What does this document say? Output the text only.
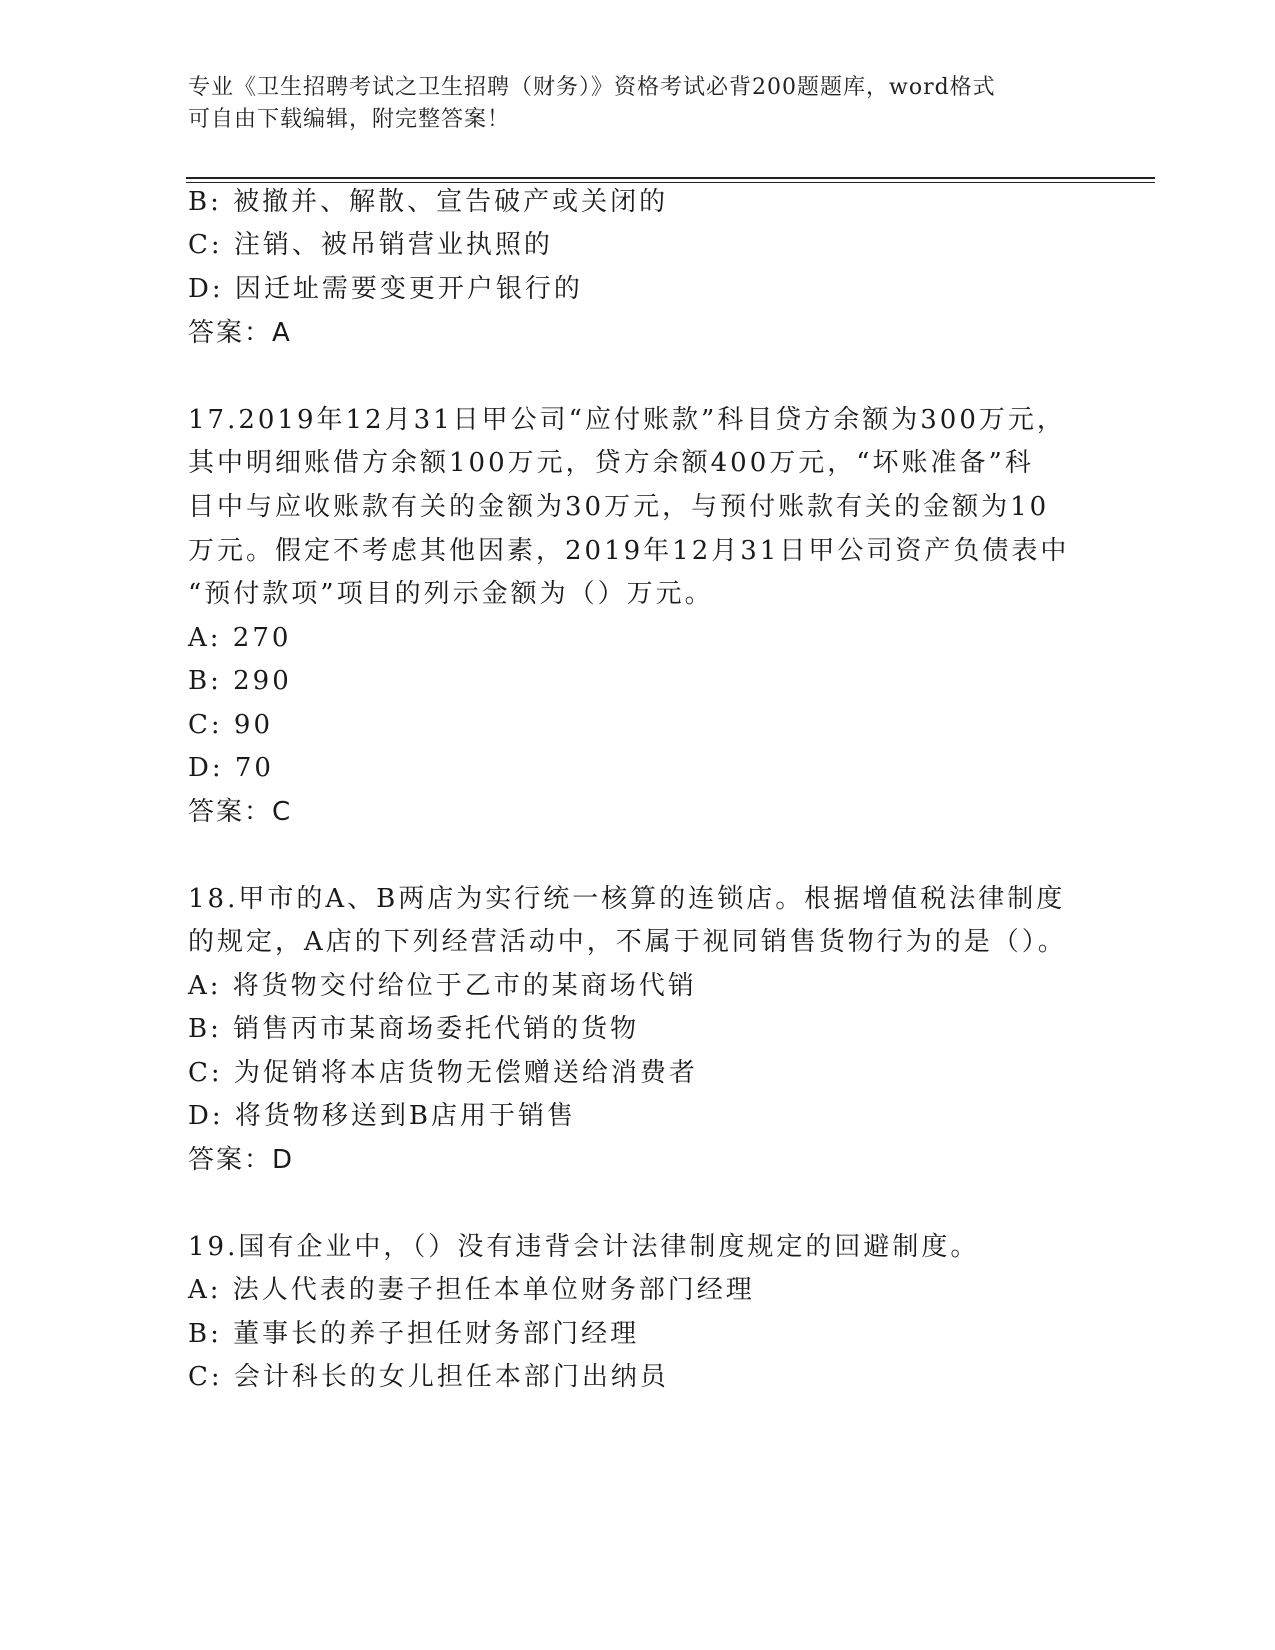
专业《卫生招聘考试之卫生招聘（财务）》资格考试必背200题题库，word格式
可自由下载编辑，附完整答案！
B: 被撤并、解散、宣告破产或关闭的
C: 注销、被吊销营业执照的
D: 因迁址需要变更开户银行的
答案：A
17.2019年12月31日甲公司“应付账款”科目贷方余额为300万元，
其中明细账借方余额100万元，贷方余额400万元，“坏账准备”科
目中与应收账款有关的金额为30万元，与预付账款有关的金额为10
万元。假定不考虑其他因素，2019年12月31日甲公司资产负债表中
“预付款项”项目的列示金额为（）万元。
A: 270
B: 290
C: 90
D: 70
答案：C
18.甲市的A、B两店为实行统一核算的连锁店。根据增值税法律制度
的规定，A店的下列经营活动中，不属于视同销售货物行为的是（）。
A: 将货物交付给位于乙市的某商场代销
B: 销售丙市某商场委托代销的货物
C: 为促销将本店货物无偿赠送给消费者
D: 将货物移送到B店用于销售
答案：D
19.国有企业中，（）没有违背会计法律制度规定的回避制度。
A: 法人代表的妻子担任本单位财务部门经理
B: 董事长的养子担任财务部门经理
C: 会计科长的女儿担任本部门出纳员
